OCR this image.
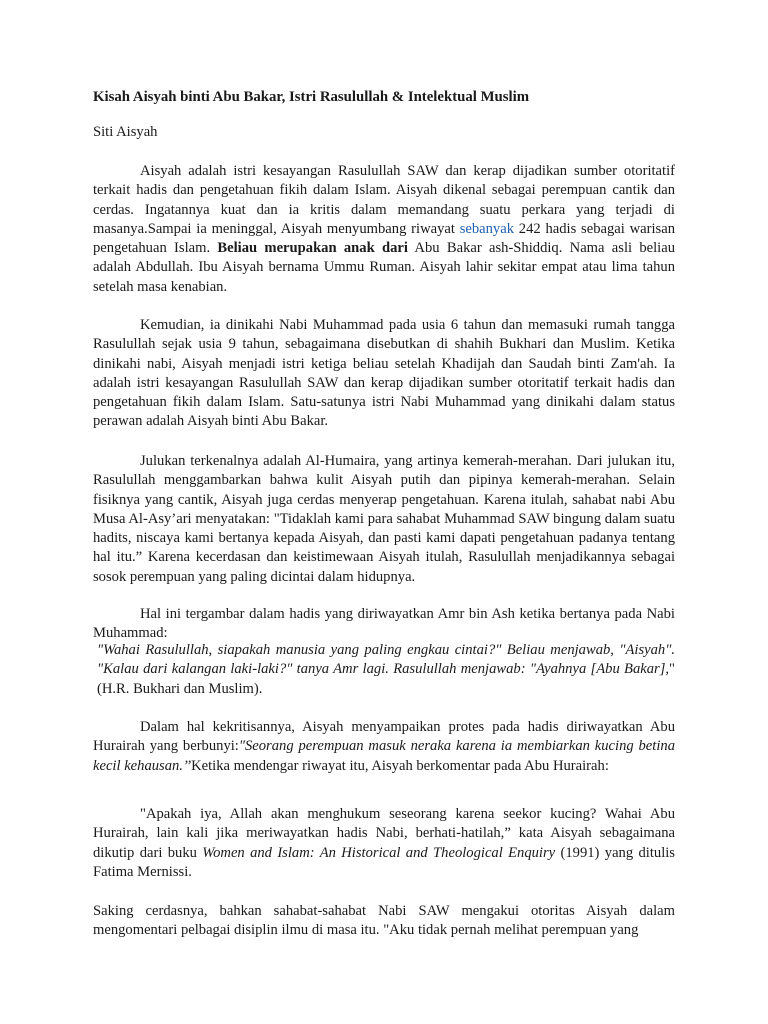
Kisah Aisyah binti Abu Bakar, Istri Rasulullah & Intelektual Muslim
Siti Aisyah
Aisyah adalah istri kesayangan Rasulullah SAW dan kerap dijadikan sumber otoritatif terkait hadis dan pengetahuan fikih dalam Islam. Aisyah dikenal sebagai perempuan cantik dan cerdas. Ingatannya kuat dan ia kritis dalam memandang suatu perkara yang terjadi di masanya.Sampai ia meninggal, Aisyah menyumbang riwayat sebanyak 242 hadis sebagai warisan pengetahuan Islam. Beliau merupakan anak dari Abu Bakar ash-Shiddiq. Nama asli beliau adalah Abdullah. Ibu Aisyah bernama Ummu Ruman. Aisyah lahir sekitar empat atau lima tahun setelah masa kenabian.
Kemudian, ia dinikahi Nabi Muhammad pada usia 6 tahun dan memasuki rumah tangga Rasulullah sejak usia 9 tahun, sebagaimana disebutkan di shahih Bukhari dan Muslim. Ketika dinikahi nabi, Aisyah menjadi istri ketiga beliau setelah Khadijah dan Saudah binti Zam'ah. Ia adalah istri kesayangan Rasulullah SAW dan kerap dijadikan sumber otoritatif terkait hadis dan pengetahuan fikih dalam Islam. Satu-satunya istri Nabi Muhammad yang dinikahi dalam status perawan adalah Aisyah binti Abu Bakar.
Julukan terkenalnya adalah Al-Humaira, yang artinya kemerah-merahan. Dari julukan itu, Rasulullah menggambarkan bahwa kulit Aisyah putih dan pipinya kemerah-merahan. Selain fisiknya yang cantik, Aisyah juga cerdas menyerap pengetahuan. Karena itulah, sahabat nabi Abu Musa Al-Asy’ari menyatakan: "Tidaklah kami para sahabat Muhammad SAW bingung dalam suatu hadits, niscaya kami bertanya kepada Aisyah, dan pasti kami dapati pengetahuan padanya tentang hal itu.” Karena kecerdasan dan keistimewaan Aisyah itulah, Rasulullah menjadikannya sebagai sosok perempuan yang paling dicintai dalam hidupnya.
Hal ini tergambar dalam hadis yang diriwayatkan Amr bin Ash ketika bertanya pada Nabi Muhammad:

"Wahai Rasulullah, siapakah manusia yang paling engkau cintai?" Beliau menjawab, "Aisyah". "Kalau dari kalangan laki-laki?" tanya Amr lagi. Rasulullah menjawab: "Ayahnya [Abu Bakar]," (H.R. Bukhari dan Muslim).

Dalam hal kekritisannya, Aisyah menyampaikan protes pada hadis diriwayatkan Abu Hurairah yang berbunyi:"Seorang perempuan masuk neraka karena ia membiarkan kucing betina kecil kehausan.’’Ketika mendengar riwayat itu, Aisyah berkomentar pada Abu Hurairah:
"Apakah iya, Allah akan menghukum seseorang karena seekor kucing? Wahai Abu Hurairah, lain kali jika meriwayatkan hadis Nabi, berhati-hatilah,” kata Aisyah sebagaimana dikutip dari buku Women and Islam: An Historical and Theological Enquiry (1991) yang ditulis Fatima Mernissi.
Saking cerdasnya, bahkan sahabat-sahabat Nabi SAW mengakui otoritas Aisyah dalam mengomentari pelbagai disiplin ilmu di masa itu. "Aku tidak pernah melihat perempuan yang
